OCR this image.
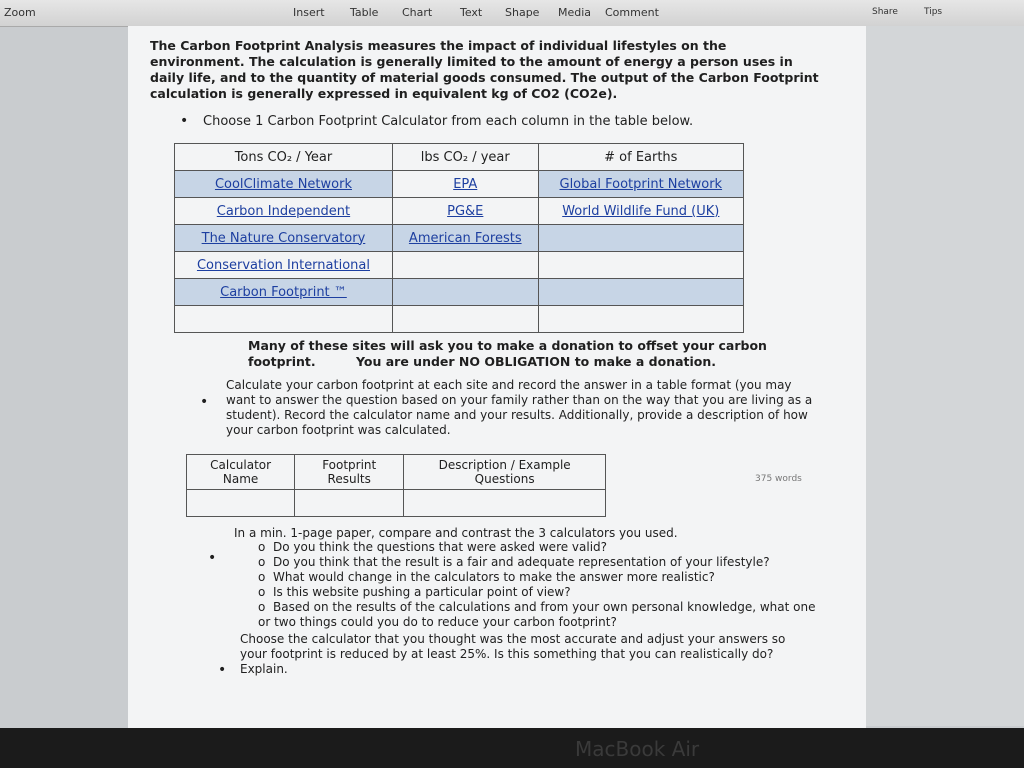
Zoom	Insert Table Chart	Text Shape Media Comment	Share	Tips
The Carbon Footprint Analysis measures the impact of individual lifestyles on the environment. The calculation is generally limited to the amount of energy a person uses in daily life, and to the quantity of material goods consumed. The output of the Carbon Footprint calculation is generally expressed in equivalent kg of CO2 (CO2e).
• Choose 1 Carbon Footprint Calculator from each column in the table below.
Tons CO₂ / Year	lbs CO₂ / year	# of Earths
CoolClimate Network	EPA	Global Footprint Network
Carbon Independent	PG&E	World Wildlife Fund (UK)
The Nature Conservatory	American Forests	
Conservation International		
Carbon Footprint ™		

Many of these sites will ask you to make a donation to offset your carbon footprint.	You are under NO OBLIGATION to make a donation.
•
Calculate your carbon footprint at each site and record the answer in a table format (you may want to answer the question based on your family rather than on the way that you are living as a student). Record the calculator name and your results. Additionally, provide a description of how your carbon footprint was calculated.
Calculator Name	Footprint Results	Description / Example Questions

•
In a min. 1-page paper, compare and contrast the 3 calculators you used.
o  Do you think the questions that were asked were valid?
o  Do you think that the result is a fair and adequate representation of your lifestyle?
o  What would change in the calculators to make the answer more realistic?
o  Is this website pushing a particular point of view?
o  Based on the results of the calculations and from your own personal knowledge, what one or two things could you do to reduce your carbon footprint?
•
Choose the calculator that you thought was the most accurate and adjust your answers so your footprint is reduced by at least 25%. Is this something that you can realistically do? Explain.
375 words
MacBook Air
